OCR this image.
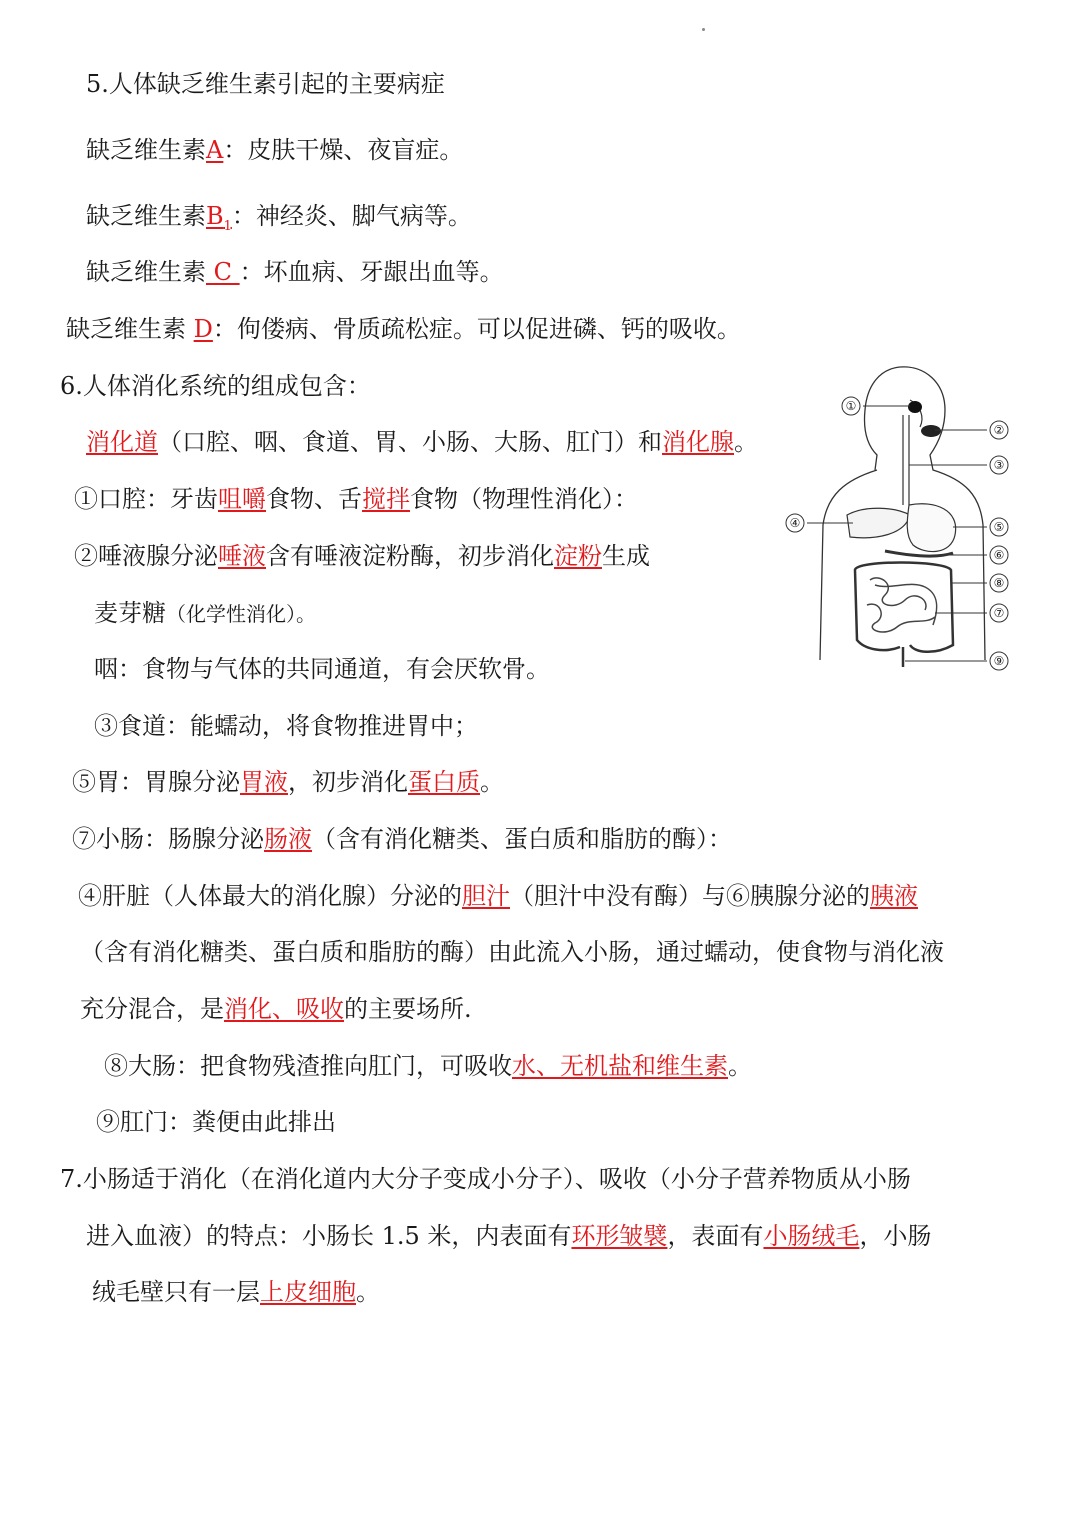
5.人体缺乏维生素引起的主要病症
缺乏维生素A：皮肤干燥、夜盲症。
缺乏维生素$B_1$：神经炎、脚气病等。
缺乏维生素 C ：坏血病、牙龈出血等。
缺乏维生素 D：佝偻病、骨质疏松症。可以促进磷、钙的吸收。
6.人体消化系统的组成包含：
消化道（口腔、咽、食道、胃、小肠、大肠、肛门）和消化腺。
①口腔：牙齿咀嚼食物、舌搅拌食物（物理性消化）：
②唾液腺分泌唾液含有唾液淀粉酶，初步消化淀粉生成
麦芽糖（化学性消化）。
咽：食物与气体的共同通道，有会厌软骨。
③食道：能蠕动，将食物推进胃中；
⑤胃：胃腺分泌胃液，初步消化蛋白质。
⑦小肠：肠腺分泌肠液（含有消化糖类、蛋白质和脂肪的酶）：
④肝脏（人体最大的消化腺）分泌的胆汁（胆汁中没有酶）与⑥胰腺分泌的胰液
（含有消化糖类、蛋白质和脂肪的酶）由此流入小肠，通过蠕动，使食物与消化液
充分混合，是消化、吸收的主要场所.
⑧大肠：把食物残渣推向肛门，可吸收水、无机盐和维生素。
⑨肛门：粪便由此排出
7.小肠适于消化（在消化道内大分子变成小分子）、吸收（小分子营养物质从小肠
进入血液）的特点：小肠长 1.5 米，内表面有环形皱襞，表面有小肠绒毛，小肠
绒毛壁只有一层上皮细胞。
①
②
③
④	⑤
⑥
⑧
⑦
⑨
